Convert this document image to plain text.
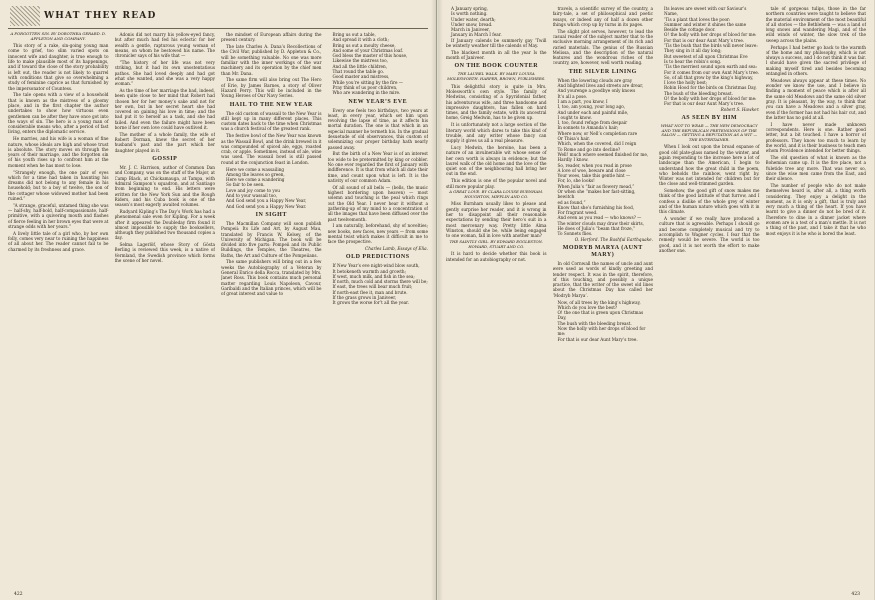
WHAT THEY READ
A FORGOTTEN SIN. BY DOROTHEA GERARD. D. APPLETON AND COMPANY.

This story of a rake, sin-going young man come to grief, too slim varied spots on innocent wife and daughter, is true enough to life to make plausible most of its happenings, and if toward the close of the story probability is left out, the reader is not likely to quarrel with conditions that give so overwhelming a study of feminine caprice as that furnished by the impersonator of Countess.

The tale opens with a view of a household that is known as the mistress of a gloomy place, and in the first chapter the author undertakes to show how virtuous even gentlemen can be after they have once got into the ways of sin. The hero is a young man of considerable means who, after a period of fast living, enters the diplomatic service.

He marries, and his wife is a woman of fine nature, whose ideals are high and whose trust is absolute. The story moves on through the years of their marriage, and the forgotten sin of his youth rises up to confront him at the moment when he has most to lose.

“Strangely enough, the one pair of eyes which for a time had taken in haunting his dreams did not belong to any female in his household; but to a boy of twelve, the son of the cottager whose widowed mother had been ruined.”

“A strange, graceful, untamed thing she was — half-shy, half-bold, half-compassionate, half-primitive, with a quivering mouth and flashes of fierce feeling in her brown eyes that were at strange odds with her years.”

A lively little tale of a girl who, by her own folly, comes very near to ruining the happiness of all about her. The reader cannot fail to be charmed by its freshness and grace.

Adonis did not marry his yellow-eyed fancy, but after much had fed his eclectic for her wealth a gentle, rapturous young woman of means, on whom he bestowed his name. The chronicler says of his wife that —

“The history of her life was not very striking, but it had its own unostentatious pathos. She had loved deeply and had got what she wanted, and she was a very happy woman.”

As the time of her marriage the bad, indeed, been quite close to her mind that Robert had chosen her for her money’s sake and not for her own, but in her secret heart she had covered on gaining his love in time; and the bad put it to herself as a task, and she had failed. And even the failure might have been borne if her own love could have outlived it.

The mother of a whole family, the wife of Robert Dorman, knew the secret of her husband’s past and the part which her daughter played in it.

GOSSIP

Mr. J. C. Harrison, author of Common Dan and Company, was on the staff of the Major, at Camp Black, at Chickamauga, at Tampa, with Admiral Sampson’s squadron, and at Santiago from beginning to end. His letters were written for the New York Sun and the Rough Riders, and his Cuba book is one of the season’s most eagerly awaited volumes.

Rudyard Kipling’s The Day’s Work has had a phenomenal sale even for Kipling. For a week after it appeared the Doubleday firm found it almost impossible to supply the booksellers, although they published two thousand copies a day.

Selma Lagerlöf, whose Story of Gösta Berling is reviewed this week, is a native of Vermland, the Swedish province which forms the scene of her novel.

the mindset of European affairs during the present century.

The late Charles A. Dana’s Recollections of the Civil War, published by D. Appleton & Co., will be something valuable. No one was more familiar with the inner workings of the war machinery and its operation by the chief men than Mr. Dana.

The same firm will also bring out The Hero of Erie, by James Barnes, a story of Oliver Hazard Perry. This will be included in the Young Heroes of Our Navy Series.

HAIL TO THE NEW YEAR

The old custom of wassail to the New Year is still kept up in many different places. This custom dates back to the time when Christmas was a church festival of the greatest rank.

The festive bowl of the New Year was known as the Wassail Bowl, and the drink brewed in it was compounded of spiced ale, eggs, roasted crab, or apple. Sometimes, instead of ale, wine was used. The wassail bowl is still passed round at the conjunction feast in London.

Here we come a wassailing

Among the leaves so green,

Here we come a wandering

So fair to be seen.

Love and joy come to you

And to your wassail too,

And God send you a Happy New Year,

And God send you a Happy New Year.

IN SIGHT

The Macmillan Company will soon publish Pompeii: Its Life and Art, by August Mau, translated by Francis W. Kelsey, of the University of Michigan. The book will be divided into five parts: Pompeii and its Public Buildings, the Temples, the Theatres, the Baths, the Art and Culture of the Pompeiians.

The same publishers will bring out in a few weeks the Autobiography of a Veteran by General Enrico della Rocca, translated by Mrs. Janet Ross. This book contains much personal matter regarding Louis Napoleon, Cavour, Garibaldi and the Italian princes, which will be of great interest and value to

Bring us out a table,

And spread it with a cloth;

Bring us out a moulty cheese,

And some of your Christmas loaf.

God bless the master of this house,

Likewise the mistress too,

And all the little children,

That round the table go.

Good master and mistress,

While you’re sitting by the fire —

Pray think of us poor children,

Who are wandering in the mire.

NEW YEAR’S EVE

Every one feels two birthdays, two years at least, in every year, which set him upon revolving the lapse of time, as it affects his mortal duration. The one is that which in an especial manner he termeth his. In the gradual desuetude of old observances, this custom of solemnizing our proper birthday hath nearly passed away.

But the birth of a New Year is of an interest too wide to be pretermitted by king or cobbler. No one ever regarded the first of January with indifference. It is that from which all date their time, and count upon what is left. It is the nativity of our common Adam.

Of all sound of all bells — (bells, the music highest bordering upon heaven) — most solemn and touching is the peal which rings out the Old Year. I never hear it without a gathering-up of my mind to a concentration of all the images that have been diffused over the past twelvemonth.

I am naturally, beforehand, shy of novelties; new books, new faces, new years — from some mental twist which makes it difficult in me to face the prospective.

Charles Lamb, Essays of Elia.
OLD PREDICTIONS

If New Year’s eve night-wind blow south,

It betokeneth warmth and growth;

If west, much milk, and fish in the sea;

If north, much cold and storms there will be;

If east, the trees will bear much fruit;

If north-east flee it, man and brute.

If the grass grows in Janiveer,

It grows the worse for’t all the year.

422

A January spring,

Is worth nothing.

Under water, dearth;

Under snow, bread.

March in Janiveer,

January in March I fear.

If January calends be summerly gay ’Twill be winterly weather till the calends of May.

The blackest month in all the year Is the month of Janiveer.

ON THE BOOK COUNTER
THE LAUREL WALK. BY MARY LOUISA MOLESWORTH. HARPER, BROWN, PUBLISHERS.

This delightful story is quite in Mrs. Molesworth’s own style. The family of Medwins, consisting of a Spyridonial father, his adventurous wife, and three handsome and impressive daughters, has fallen on hard times, and the family estate, with its ancestral home, Greig Medwin, has to be given up.

It is unfortunately not a large section of the literary world which dares to take this kind of trouble, and any writer whose fancy can supply it gives us all a real pleasure.

Lucy Medwin, the heroine, has been a nature of an invulnerable wit whose sense of her own worth is always in evidence; but the laurel walk of the old home and the love of the quiet son of the neighbouring hall bring her out in the end.

This edition is one of the popular novel and still more popular play.

A GREAT LOVE. BY CLARA LOUISE BURNHAM. HOUGHTON, MIFFLIN AND CO.

Miss Burnham usually likes to please and gently surprise her reader, and it is wrong in her to disappoint all their reasonable expectations by sending their hero’s suit in a most mercenary way. Pretty little Alma Winston, should she be, while being engaged to one woman, fall in love with another man?

THE SAINTLY GIRL. BY EDWARD EGGLESTON. HOWARD, STUART AND CO.

It is hard to decide whether this book is intended for an autobiography or not.

travels, a scientific survey of the country, a fairy-tale, a set of philosophical and poetic essays, or indeed any of half a dozen other things which crop up by turns in its pages.

The slight plot serves, however, to lead the casual reader of the subject matter that to the exclusive morning arrangement of its rich and varied materials. The genius of the Russian Melissa, and the description of the natural features and the wondrous riches of the country, are, however, well worth reading.

THE SILVER LINING

When the lowering clouds are gray

And blighted lives and streets are drear,

And yourenge a goodbye only knows

It’s all a pose.

I am a part, you know, I

I, too, am young, your long ago,

And under each and painful mile,

I ought to know.

I, too, found refuge from despair

In sonnets to Amanda’s hair;

Where now, or Nell’s completion rare

Or Thisa’s hair.

Which, when the covered, did I reign

To Rome and go into decline?

Well! much where seemed finished for me,

Hardly I know.

So, reader, when you read in prose

A love of woe, beware and close

Your woes, take this gentle hint —

For, lo, she looks!

When Julia’s “fair as flowery mead,”

Or when she “makes her fast-sitting, bewitch

ed as found,”

Know that she’s furnishing his food,

For fragrant weed.

And even as you read — who knows? —

The winter clouds may draw their skirts,

He does of Julia’s “beam that froze,”

To Sonnets flies.

O. Herford. The Bashful Earthquake.
MODRYB MARYA (AUNT MARY)

In old Cornwall the names of uncle and aunt were used as words of kindly greeting and tender respect. It was in the spirit, therefore, of this touching, and possibly a unique practice, that the writer of the sweet old lines about the Christmas Day has called her ‘Modryb Marya’.

Now, of all trees by the king’s highway,

Which do you love the best?

O! the one that is green upon Christmas Day,

The bush with the bleeding breast.

Now the holly with her drops of blood for me:

For that is our dear Aunt Mary’s tree.

Its leaves are sweet with our Saviour’s Name,

’Tis a plant that loves the poor:

Summer and winter it shines the same

Beside the cottage door.

O! the holly with her drops of blood for me:

For that is our dear Aunt Mary’s tree.

’Tis the bush that the birds will never leave:

They sing in it all day long;

But sweetest of all upon Christmas Eve

Is to hear the robin’s song.

’Tis the merriest sound upon earth and sea:

For it comes from our own Aunt Mary’s tree.

So, of all that grow by the king’s highway,

I love the holly best;

Robin Hood for the birds on Christmas Day,

The bush of the bleeding breast.

O! the holly with her drops of blood for me:

For that is our dear Aunt Mary’s tree.

Robert S. Hawker.
AS SEEN BY HIM
WHAT NOT TO WEAR — THE NEW DEMOCRACY AND THE REPUBLICAN PRETENSIONS OF THE SALON — GETTING A REPUTATION AS A WIT — THE ENTERTAINER.

When I look out upon the broad expanse of good old plate-glass named by the winter, and again responding to the increase here a lot of landscape than the American, I begin to understand how the great child in the poem, who beholds the rainbow, went right by. Winter was not intended for children but for the close and well-trimmed garden.

Somehow, the good gift of snow makes me think of the good latitude of that furrow, and I confess a dislike of the whole grey of winter and of the human nature which goes with it in this climate.

A wonder if we really have produced a culture that is agreeable. Perhaps I should go and become completely musical and try to accomplish to Wagner cycles. I fear that the remedy would be severe. The world is too good, and it is not worth the effort to make another one.

tale of gorgeous tulips, those in the far northern countries were taught to believe that the material environment of the most beautiful of all stories — the Bethlehem — was a land of long snows and wandering Magi, and of the wild winds of winter, the slow trek of the sweep across the plains.

Perhaps I had better go back to the warmth of the home and my philosophy, which is not always a success, and I do not think it was fair. I should have given the sacred privilege of making myself tired and besides becoming entangled in others.

Meadows always appear at these times. No wonder we know the use, and I believe in finding a moment of peace which is after all the same old Meadows and the same old silver gray. It is pleasant, by the way, to think that you can have a Meadows and a silver gray, even if the former has not had his hair cut, and the latter has no gold at all.

I have never made unknown correspondents. Here is one. Rather good letter, but a bit touched. I have a horror of professors. They know too much to learn by the world, and it is their business to teach men whom Providence intended for better things.

The old question of what is known as the Bohemian came up. It is the fire place, not a Yuletide tree any more. That was never so, since the wise men came from the East, and their silence.

The number of people who do not make themselves heard is, after all, a thing worth considering. They enjoy a delight in the moment, as it is only a gift, that is truly and very much a thing of the heart. If you have learnt to give a dinner do not be bred of it. Therefore to dine in a dinner jacket where women are is a test of a man’s mettle. It is not a thing of the past, and I take it that he who most enjoys it is he who is bored the least.

423
